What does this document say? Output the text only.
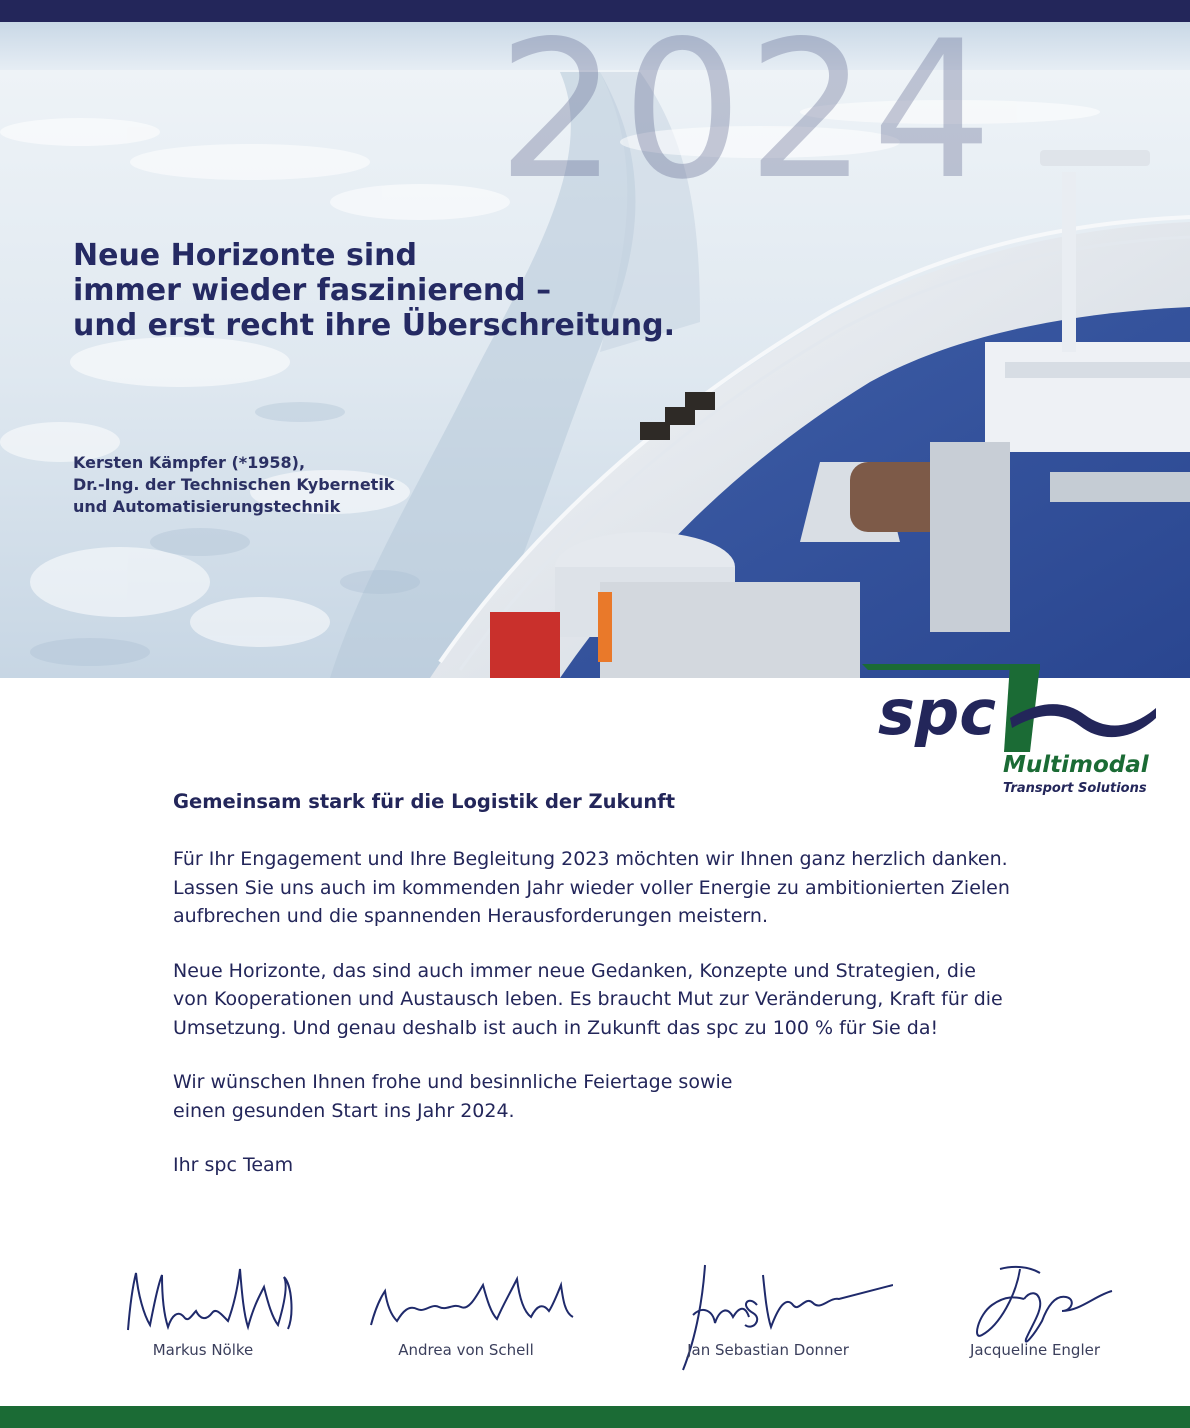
2024
Neue Horizonte sind
immer wieder faszinierend –
und erst recht ihre Überschreitung.
Kersten Kämpfer (*1958),
Dr.-Ing. der Technischen Kybernetik
und Automatisierungstechnik
spc
Multimodal
Transport Solutions
Gemeinsam stark für die Logistik der Zukunft
Für Ihr Engagement und Ihre Begleitung 2023 möchten wir Ihnen ganz herzlich danken.
Lassen Sie uns auch im kommenden Jahr wieder voller Energie zu ambitionierten Zielen
aufbrechen und die spannenden Herausforderungen meistern.
Neue Horizonte, das sind auch immer neue Gedanken, Konzepte und Strategien, die
von Kooperationen und Austausch leben. Es braucht Mut zur Veränderung, Kraft für die
Umsetzung. Und genau deshalb ist auch in Zukunft das spc zu 100 % für Sie da!
Wir wünschen Ihnen frohe und besinnliche Feiertage sowie
einen gesunden Start ins Jahr 2024.
Ihr spc Team
Markus Nölke	Andrea von Schell	Jan Sebastian Donner	Jacqueline Engler
